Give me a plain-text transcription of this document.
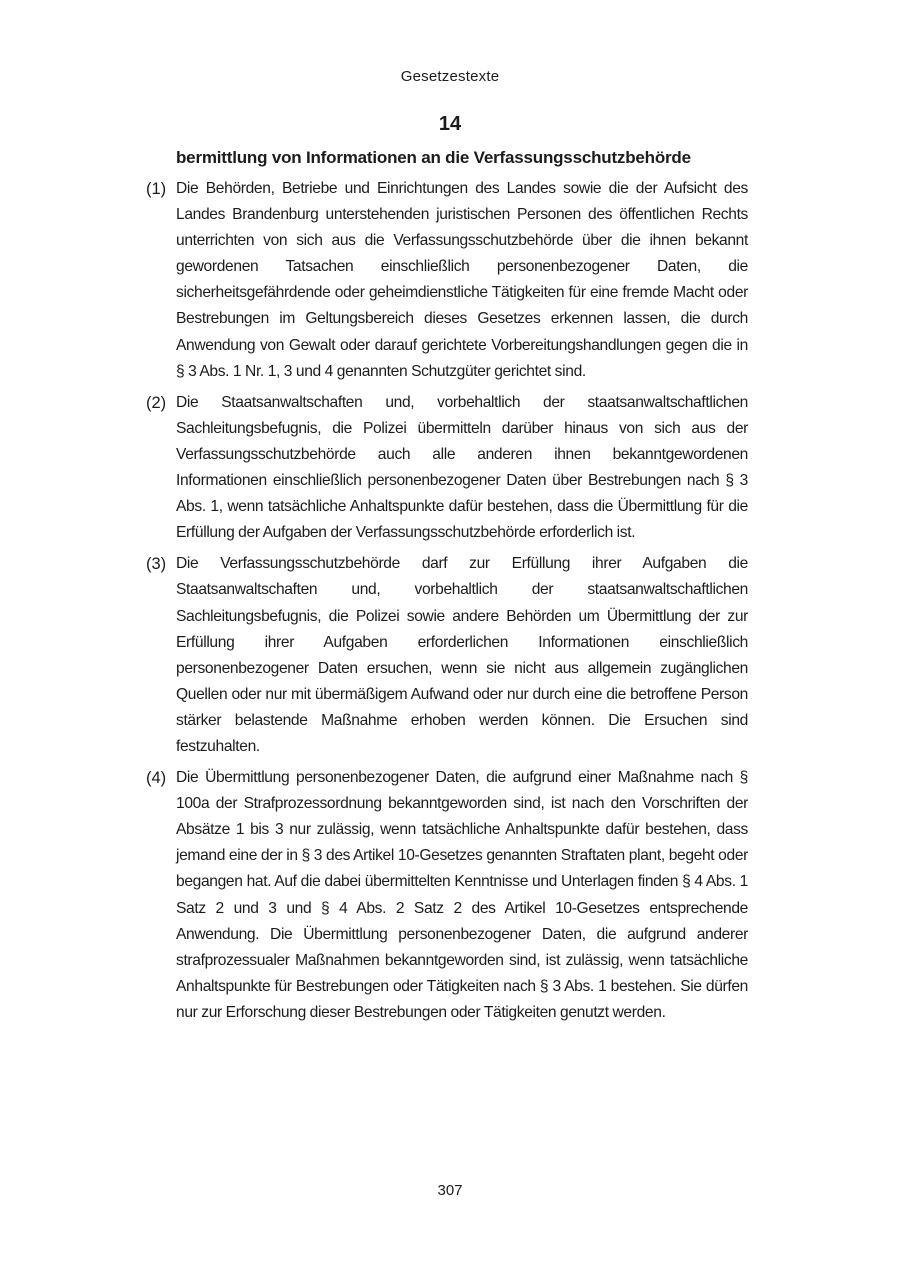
Gesetzestexte
14
bermittlung von Informationen an die Verfassungsschutzbehörde
(1) Die Behörden, Betriebe und Einrichtungen des Landes sowie die der Aufsicht des Landes Brandenburg unterstehenden juristischen Personen des öffentlichen Rechts unterrichten von sich aus die Verfassungsschutzbehörde über die ihnen bekannt gewordenen Tatsachen einschließlich personenbezogener Daten, die sicherheitsgefährdende oder geheimdienstliche Tätigkeiten für eine fremde Macht oder Bestrebungen im Geltungsbereich dieses Gesetzes erkennen lassen, die durch Anwendung von Gewalt oder darauf gerichtete Vorbereitungshandlungen gegen die in § 3 Abs. 1 Nr. 1, 3 und 4 genannten Schutzgüter gerichtet sind.
(2) Die Staatsanwaltschaften und, vorbehaltlich der staatsanwaltschaftlichen Sachleitungsbefugnis, die Polizei übermitteln darüber hinaus von sich aus der Verfassungsschutzbehörde auch alle anderen ihnen bekanntgewordenen Informationen einschließlich personenbezogener Daten über Bestrebungen nach § 3 Abs. 1, wenn tatsächliche Anhaltspunkte dafür bestehen, dass die Übermittlung für die Erfüllung der Aufgaben der Verfassungsschutzbehörde erforderlich ist.
(3) Die Verfassungsschutzbehörde darf zur Erfüllung ihrer Aufgaben die Staatsanwaltschaften und, vorbehaltlich der staatsanwaltschaftlichen Sachleitungsbefugnis, die Polizei sowie andere Behörden um Übermittlung der zur Erfüllung ihrer Aufgaben erforderlichen Informationen einschließlich personenbezogener Daten ersuchen, wenn sie nicht aus allgemein zugänglichen Quellen oder nur mit übermäßigem Aufwand oder nur durch eine die betroffene Person stärker belastende Maßnahme erhoben werden können. Die Ersuchen sind festzuhalten.
(4) Die Übermittlung personenbezogener Daten, die aufgrund einer Maßnahme nach § 100a der Strafprozessordnung bekanntgeworden sind, ist nach den Vorschriften der Absätze 1 bis 3 nur zulässig, wenn tatsächliche Anhaltspunkte dafür bestehen, dass jemand eine der in § 3 des Artikel 10-Gesetzes genannten Straftaten plant, begeht oder begangen hat. Auf die dabei übermittelten Kenntnisse und Unterlagen finden § 4 Abs. 1 Satz 2 und 3 und § 4 Abs. 2 Satz 2 des Artikel 10-Gesetzes entsprechende Anwendung. Die Übermittlung personenbezogener Daten, die aufgrund anderer strafprozessualer Maßnahmen bekanntgeworden sind, ist zulässig, wenn tatsächliche Anhaltspunkte für Bestrebungen oder Tätigkeiten nach § 3 Abs. 1 bestehen. Sie dürfen nur zur Erforschung dieser Bestrebungen oder Tätigkeiten genutzt werden.
307
